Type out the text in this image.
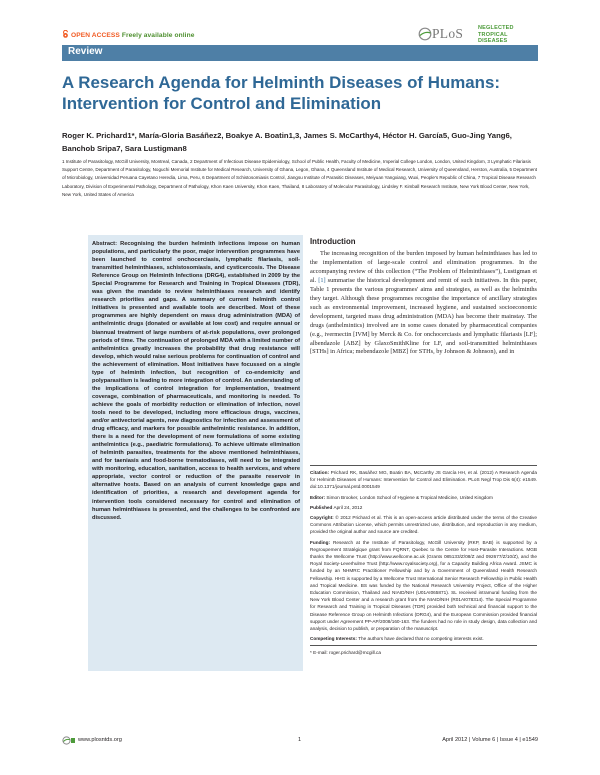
OPEN ACCESS Freely available online	PLoS	NEGLECTED
TROPICAL DISEASES
Review
A Research Agenda for Helminth Diseases of Humans: Intervention for Control and Elimination
Roger K. Prichard1*, María-Gloria Basáñez2, Boakye A. Boatin1,3, James S. McCarthy4, Héctor H. García5, Guo-Jing Yang6, Banchob Sripa7, Sara Lustigman8
1 Institute of Parasitology, McGill University, Montreal, Canada, 2 Department of Infectious Disease Epidemiology, School of Public Health, Faculty of Medicine, Imperial College London, London, United Kingdom, 3 Lymphatic Filariasis Support Centre, Department of Parasitology, Noguchi Memorial Institute for Medical Research, University of Ghana, Legon, Ghana, 4 Queensland Institute of Medical Research, University of Queensland, Herston, Australia, 5 Department of Microbiology, Universidad Peruana Cayetano Heredia, Lima, Peru, 6 Department of Schistosomiasis Control, Jiangsu Institute of Parasitic Diseases, Meiyuan Yangxiang, Wuxi, People's Republic of China, 7 Tropical Disease Research Laboratory, Division of Experimental Pathology, Department of Pathology, Khon Kaen University, Khon Kaen, Thailand, 8 Laboratory of Molecular Parasitology, Lindsley F. Kimball Research Institute, New York Blood Center, New York, New York, United States of America

Abstract: Recognising the burden helminth infections impose on human populations, and particularly the poor, major intervention programmes have been launched to control onchocerciasis, lymphatic filariasis, soil-transmitted helminthiases, schistosomiasis, and cysticercosis. The Disease Reference Group on Helminth Infections (DRG4), established in 2009 by the Special Programme for Research and Training in Tropical Diseases (TDR), was given the mandate to review helminthiases research and identify research priorities and gaps. A summary of current helminth control initiatives is presented and available tools are described. Most of these programmes are highly dependent on mass drug administration (MDA) of anthelmintic drugs (donated or available at low cost) and require annual or biannual treatment of large numbers of at-risk populations, over prolonged periods of time. The continuation of prolonged MDA with a limited number of anthelmintics greatly increases the probability that drug resistance will develop, which would raise serious problems for continuation of control and the achievement of elimination. Most initiatives have focussed on a single type of helminth infection, but recognition of co-endemicity and polyparasitism is leading to more integration of control. An understanding of the implications of control integration for implementation, treatment coverage, combination of pharmaceuticals, and monitoring is needed. To achieve the goals of morbidity reduction or elimination of infection, novel tools need to be developed, including more efficacious drugs, vaccines, and/or antivectorial agents, new diagnostics for infection and assessment of drug efficacy, and markers for possible anthelmintic resistance. In addition, there is a need for the development of new formulations of some existing anthelmintics (e.g., paediatric formulations). To achieve ultimate elimination of helminth parasites, treatments for the above mentioned helminthiases, and for taeniasis and food-borne trematodiases, will need to be integrated with monitoring, education, sanitation, access to health services, and where appropriate, vector control or reduction of the parasite reservoir in alternative hosts. Based on an analysis of current knowledge gaps and identification of priorities, a research and development agenda for intervention tools considered necessary for control and elimination of human helminthiases is presented, and the challenges to be confronted are discussed.

Introduction

The increasing recognition of the burden imposed by human helminthiases has led to the implementation of large-scale control and elimination programmes. In the accompanying review of this collection (“The Problem of Helminthiases”), Lustigman et al. [1] summarise the historical development and remit of such initiatives. In this paper, Table 1 presents the various programmes' aims and strategies, as well as the helminths they target. Although these programmes recognise the importance of ancillary strategies such as environmental improvement, increased hygiene, and sustained socioeconomic development, targeted mass drug administration (MDA) has become their mainstay. The drugs (anthelmintics) involved are in some cases donated by pharmaceutical companies (e.g., ivermectin [IVM] by Merck & Co. for onchocerciasis and lymphatic filariasis [LF]; albendazole [ABZ] by GlaxoSmithKline for LF, and soil-transmitted helminthiases [STHs] in Africa; mebendazole [MBZ] for STHs, by Johnson & Johnson), and in

Citation: Prichard RK, Basáñez MG, Boatin BA, McCarthy JS García HH, et al. (2012) A Research Agenda for Helminth Diseases of Humans: Intervention for Control and Elimination. PLoS Negl Trop Dis 6(4): e1549. doi:10.1371/journal.pntd.0001549

Editor: Simon Brooker, London School of Hygiene & Tropical Medicine, United Kingdom

Published April 24, 2012

Copyright: © 2012 Prichard et al. This is an open-access article distributed under the terms of the Creative Commons Attribution License, which permits unrestricted use, distribution, and reproduction in any medium, provided the original author and source are credited.

Funding: Research at the Institute of Parasitology, McGill University (RKP, BAB) is supported by a Regroupement Stratégique grant from FQRNT, Quebec to the Centre for Host-Parasite Interactions. MGB thanks the Wellcome Trust (http://www.wellcome.ac.uk (Grants 085133/Z/08/Z and 092677/Z/10/Z), and the Royal Society-Leverhulme Trust (http://www.royalsociety.org), for a Capacity Building Africa Award. JSMC is funded by an NHMRC Practitioner Fellowship and by a Government of Queensland Health Research Fellowship. HHG is supported by a Wellcome Trust International Senior Research Fellowship in Public Health and Tropical Medicine. BS was funded by the National Research University Project, Office of the Higher Education Commission, Thailand and NIAID/NIH (U01AI065871). SL received intramural funding from the New York Blood Center and a research grant from the NIAID/NIH (R01AI078314). The Special Programme for Research and Training in Tropical Diseases (TDR) provided both technical and financial support to the Disease Reference Group on Helminth Infections (DRG4), and the European Commission provided financial support under Agreement PP-AP/2008/160-163. The funders had no role in study design, data collection and analysis, decision to publish, or preparation of the manuscript.

Competing Interests: The authors have declared that no competing interests exist.

* E-mail: roger.prichard@mcgill.ca

www.plosntds.org	1	April 2012 | Volume 6 | Issue 4 | e1549
